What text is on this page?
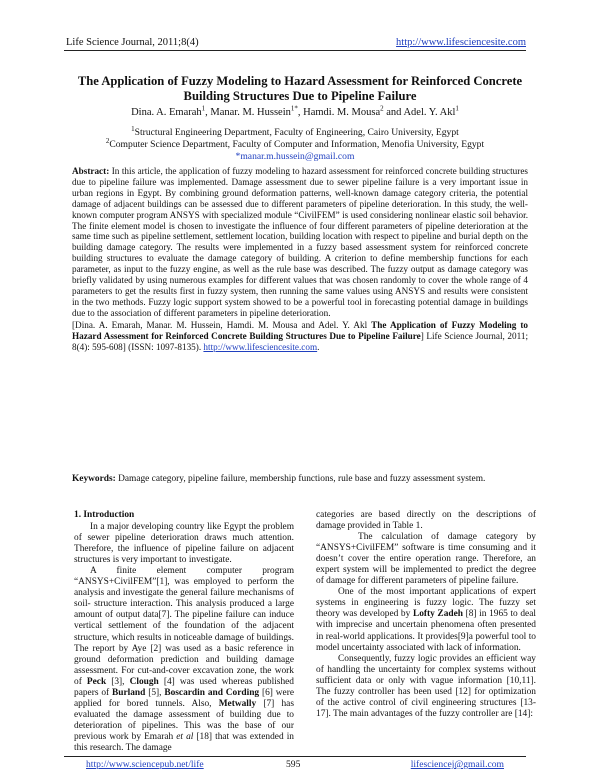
Life Science Journal, 2011;8(4)	http://www.lifesciencesite.com
The Application of Fuzzy Modeling to Hazard Assessment for Reinforced Concrete Building Structures Due to Pipeline Failure
Dina. A. Emarah$^1$, Manar. M. Hussein$^{1*}$, Hamdi. M. Mousa$^2$ and Adel. Y. Akl$^1$
$^1$Structural Engineering Department, Faculty of Engineering, Cairo University, Egypt
$^2$Computer Science Department, Faculty of Computer and Information, Menofia University, Egypt
*manar.m.hussein@gmail.com
Abstract: In this article, the application of fuzzy modeling to hazard assessment for reinforced concrete building structures due to pipeline failure was implemented. Damage assessment due to sewer pipeline failure is a very important issue in urban regions in Egypt. By combining ground deformation patterns, well-known damage category criteria, the potential damage of adjacent buildings can be assessed due to different parameters of pipeline deterioration. In this study, the well-known computer program ANSYS with specialized module “CivilFEM” is used considering nonlinear elastic soil behavior. The finite element model is chosen to investigate the influence of four different parameters of pipeline deterioration at the same time such as pipeline settlement, settlement location, building location with respect to pipeline and burial depth on the building damage category. The results were implemented in a fuzzy based assessment system for reinforced concrete building structures to evaluate the damage category of building. A criterion to define membership functions for each parameter, as input to the fuzzy engine, as well as the rule base was described. The fuzzy output as damage category was briefly validated by using numerous examples for different values that was chosen randomly to cover the whole range of 4 parameters to get the results first in fuzzy system, then running the same values using ANSYS and results were consistent in the two methods. Fuzzy logic support system showed to be a powerful tool in forecasting potential damage in buildings due to the association of different parameters in pipeline deterioration.
[Dina. A. Emarah, Manar. M. Hussein, Hamdi. M. Mousa and Adel. Y. Akl The Application of Fuzzy Modeling to Hazard Assessment for Reinforced Concrete Building Structures Due to Pipeline Failure] Life Science Journal, 2011; 8(4): 595-608] (ISSN: 1097-8135). http://www.lifesciencesite.com.
Keywords: Damage category, pipeline failure, membership functions, rule base and fuzzy assessment system.
1. Introduction

In a major developing country like Egypt the problem of sewer pipeline deterioration draws much attention. Therefore, the influence of pipeline failure on adjacent structures is very important to investigate.

A finite element computer program “ANSYS+CivilFEM”[1], was employed to perform the analysis and investigate the general failure mechanisms of soil- structure interaction. This analysis produced a large amount of output data[7]. The pipeline failure can induce vertical settlement of the foundation of the adjacent structure, which results in noticeable damage of buildings. The report by Aye [2] was used as a basic reference in ground deformation prediction and building damage assessment. For cut-and-cover excavation zone, the work of Peck [3], Clough [4] was used whereas published papers of Burland [5], Boscardin and Cording [6] were applied for bored tunnels. Also, Metwally [7] has evaluated the damage assessment of building due to deterioration of pipelines. This was the base of our previous work by Emarah et al [18] that was extended in this research. The damage

categories are based directly on the descriptions of damage provided in Table 1.

The calculation of damage category by “ANSYS+CivilFEM” software is time consuming and it doesn’t cover the entire operation range. Therefore, an expert system will be implemented to predict the degree of damage for different parameters of pipeline failure.

One of the most important applications of expert systems in engineering is fuzzy logic. The fuzzy set theory was developed by Lofty Zadeh [8] in 1965 to deal with imprecise and uncertain phenomena often presented in real-world applications. It provides[9]a powerful tool to model uncertainty associated with lack of information.

Consequently, fuzzy logic provides an efficient way of handling the uncertainty for complex systems without sufficient data or only with vague information [10,11]. The fuzzy controller has been used [12] for optimization of the active control of civil engineering structures [13-17]. The main advantages of the fuzzy controller are [14]:

http://www.sciencepub.net/life	595	lifesciencej@gmail.com
